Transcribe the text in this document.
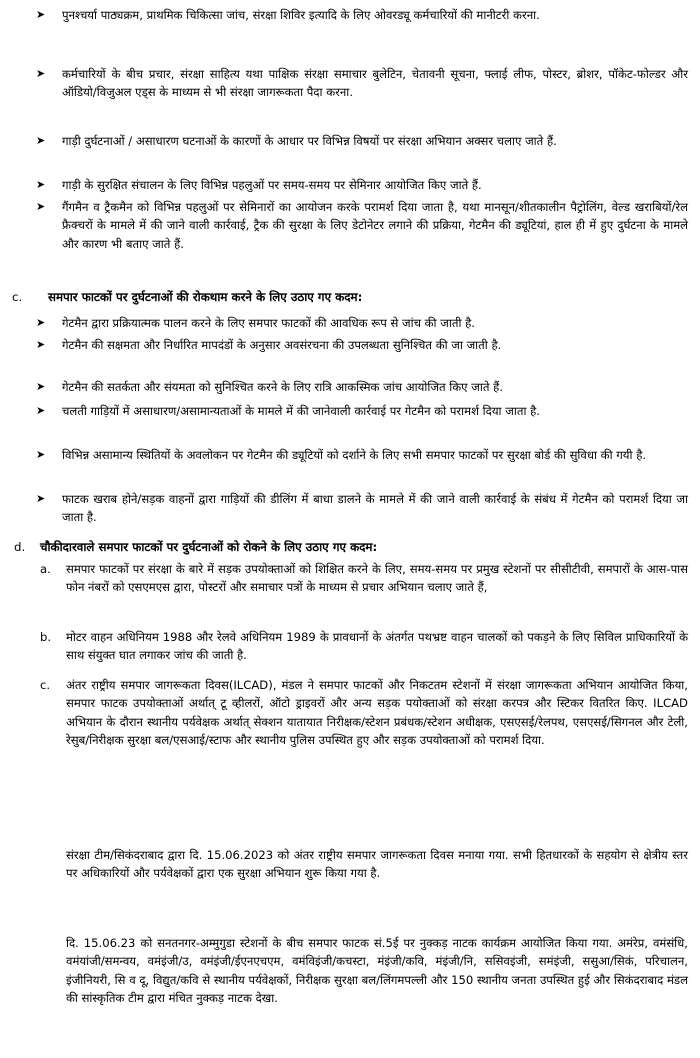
➤ पुनश्चर्या पाठ्यक्रम, प्राथमिक चिकित्सा जांच, संरक्षा शिविर इत्यादि के लिए ओवरड्यू कर्मचारियों की मानीटरी करना.
➤ कर्मचारियों के बीच प्रचार, संरक्षा साहित्य यथा पाक्षिक संरक्षा समाचार बुलेटिन, चेतावनी सूचना, फ्लाई लीफ, पोस्टर, ब्रोशर, पॉकेट-फोल्डर और ऑडियो/विजुअल एड्स के माध्यम से भी संरक्षा जागरूकता पैदा करना.
➤ गाड़ी दुर्घटनाओं / असाधारण घटनाओं के कारणों के आधार पर विभिन्न विषयों पर संरक्षा अभियान अक्सर चलाए जाते हैं.
➤ गाड़ी के सुरक्षित संचालन के लिए विभिन्न पहलुओं पर समय-समय पर सेमिनार आयोजित किए जाते हैं.
➤ गैंगमैन व ट्रैकमैन को विभिन्न पहलुओं पर सेमिनारों का आयोजन करके परामर्श दिया जाता है, यथा मानसून/शीतकालीन पैट्रोलिंग, वेल्ड खराबियों/रेल फ्रैक्चरों के मामले में की जाने वाली कार्रवाई, ट्रैक की सुरक्षा के लिए डेटोनेटर लगाने की प्रक्रिया, गेटमैन की ड्यूटियां, हाल ही में हुए दुर्घटना के मामले और कारण भी बताए जाते हैं.
c. समपार फाटकों पर दुर्घटनाओं की रोकथाम करने के लिए उठाए गए कदम:
➤ गेटमैन द्वारा प्रक्रियात्मक पालन करने के लिए समपार फाटकों की आवधिक रूप से जांच की जाती है.
➤ गेटमैन की सक्षमता और निर्धारित मापदंडों के अनुसार अवसंरचना की उपलब्धता सुनिश्चित की जा जाती है.
➤ गेटमैन की सतर्कता और संयमता को सुनिश्चित करने के लिए रात्रि आकस्मिक जांच आयोजित किए जाते हैं.
➤ चलती गाड़ियों में असाधारण/असामान्यताओं के मामले में की जानेवाली कार्रवाई पर गेटमैन को परामर्श दिया जाता है.
➤ विभिन्न असामान्य स्थितियों के अवलोकन पर गेटमैन की ड्यूटियों को दर्शाने के लिए सभी समपार फाटकों पर सुरक्षा बोर्ड की सुविधा की गयी है.
➤ फाटक खराब होने/सड़क वाहनों द्वारा गाड़ियों की डीलिंग में बाधा डालने के मामले में की जाने वाली कार्रवाई के संबंध में गेटमैन को परामर्श दिया जा जाता है.
d. चौकीदारवाले समपार फाटकों पर दुर्घटनाओं को रोकने के लिए उठाए गए कदम:
a. समपार फाटकों पर संरक्षा के बारे में सड़क उपयोक्ताओं को शिक्षित करने के लिए, समय-समय पर प्रमुख स्टेशनों पर सीसीटीवी, समपारों के आस-पास फोन नंबरों को एसएमएस द्वारा, पोस्टरों और समाचार पत्रों के माध्यम से प्रचार अभियान चलाए जाते हैं,
b. मोटर वाहन अधिनियम 1988 और रेलवे अधिनियम 1989 के प्रावधानों के अंतर्गत पथभ्रष्ट वाहन चालकों को पकड़ने के लिए सिविल प्राधिकारियों के साथ संयुक्त घात लगाकर जांच की जाती है.
c. अंतर राष्ट्रीय समपार जागरूकता दिवस(ILCAD), मंडल ने समपार फाटकों और निकटतम स्टेशनों में संरक्षा जागरूकता अभियान आयोजित किया, समपार फाटक उपयोक्ताओं अर्थात् टू व्हीलरों, ऑटो ड्राइवरों और अन्य सड़क पयोक्ताओं को संरक्षा करपत्र और स्टिकर वितरित किए. ILCAD अभियान के दौरान स्थानीय पर्यवेक्षक अर्थात् सेक्शन यातायात निरीक्षक/स्टेशन प्रबंधक/स्टेशन अधीक्षक, एसएसई/रेलपथ, एसएसई/सिगनल और टेली, रेसुब/निरीक्षक सुरक्षा बल/एसआई/स्टाफ और स्थानीय पुलिस उपस्थित हुए और सड़क उपयोक्ताओं को परामर्श दिया.
संरक्षा टीम/सिकंदराबाद द्वारा दि. 15.06.2023 को अंतर राष्ट्रीय समपार जागरूकता दिवस मनाया गया. सभी हितधारकों के सहयोग से क्षेत्रीय स्तर पर अधिकारियों और पर्यवेक्षकों द्वारा एक सुरक्षा अभियान शुरू किया गया है.
दि. 15.06.23 को सनतनगर-अम्मुगुडा स्टेशनों के बीच समपार फाटक सं.5ई पर नुक्कड़ नाटक कार्यक्रम आयोजित किया गया. अमंरेप्र, वमंसंधि, वमंयांजी/समन्वय, वमंइंजी/उ, वमंइंजी/ईएनएचएम, वमंविइंजी/कचस्टा, मंइंजी/कवि, मंइंजी/नि, ससिवइंजी, समंइंजी, ससुआ/सिकं, परिचालन, इंजीनियरी, सि व दू, विद्युत/कवि से स्थानीय पर्यवेक्षकों, निरीक्षक सुरक्षा बल/लिंगमपल्ली और 150 स्थानीय जनता उपस्थित हुई और सिकंदराबाद मंडल की सांस्कृतिक टीम द्वारा मंचित नुक्कड़ नाटक देखा.
